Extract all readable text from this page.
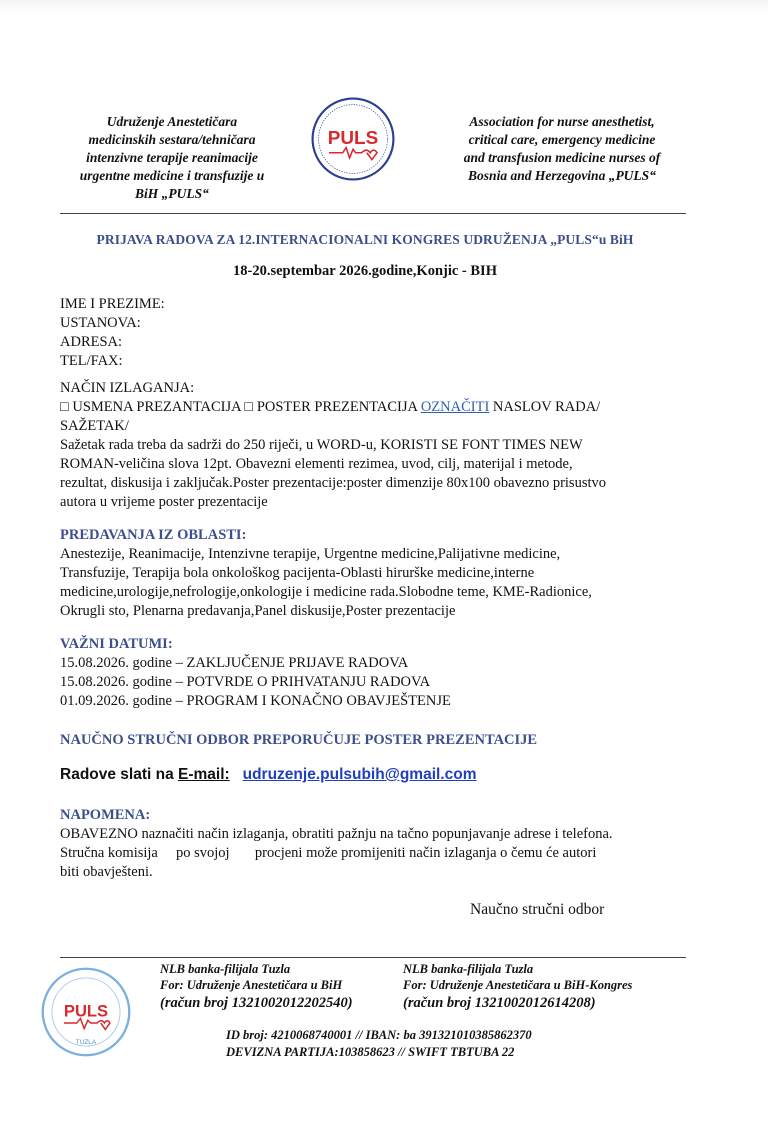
Udruženje Anestetičara
medicinskih sestara/tehničara
intenzivne terapije reanimacije
urgentne medicine i transfuzije u
BiH „PULS“
PULS
Association for nurse anesthetist,
critical care, emergency medicine
and transfusion medicine nurses of
Bosnia and Herzegovina „PULS“
PRIJAVA RADOVA ZA 12.INTERNACIONALNI KONGRES UDRUŽENJA „PULS“u BiH
18-20.septembar 2026.godine,Konjic - BIH
IME I PREZIME:
USTANOVA:
ADRESA:
TEL/FAX:
NAČIN IZLAGANJA:
□ USMENA PREZANTACIJA □ POSTER PREZENTACIJA OZNAČITI NASLOV RADA/
SAŽETAK/
Sažetak rada treba da sadrži do 250 riječi, u WORD-u, KORISTI SE FONT TIMES NEW
ROMAN-veličina slova 12pt. Obavezni elementi rezimea, uvod, cilj, materijal i metode,
rezultat, diskusija i zaključak.Poster prezentacije:poster dimenzije 80x100 obavezno prisustvo
autora u vrijeme poster prezentacije
PREDAVANJA IZ OBLASTI:
Anestezije, Reanimacije, Intenzivne terapije, Urgentne medicine,Palijativne medicine,
Transfuzije, Terapija bola onkološkog pacijenta-Oblasti hirurške medicine,interne
medicine,urologije,nefrologije,onkologije i medicine rada.Slobodne teme, KME-Radionice,
Okrugli sto, Plenarna predavanja,Panel diskusije,Poster prezentacije
VAŽNI DATUMI:
15.08.2026. godine – ZAKLJUČENJE PRIJAVE RADOVA
15.08.2026. godine – POTVRDE O PRIHVATANJU RADOVA
01.09.2026. godine – PROGRAM I KONAČNO OBAVJEŠTENJE
NAUČNO STRUČNI ODBOR PREPORUČUJE POSTER PREZENTACIJE
Radove slati na E-mail: udruzenje.pulsubih@gmail.com
NAPOMENA:
OBAVEZNO naznačiti način izlaganja, obratiti pažnju na tačno popunjavanje adrese i telefona.
Stručna komisija     po svojoj       procjeni može promijeniti način izlaganja o čemu će autori
biti obavješteni.
Naučno stručni odbor
PULS
TUZLA
NLB banka-filijala Tuzla
For: Udruženje Anestetičara u BiH
(račun broj 1321002012202540)
NLB banka-filijala Tuzla
For: Udruženje Anestetičara u BiH-Kongres
(račun broj 1321002012614208)
ID broj: 4210068740001 // IBAN: ba 391321010385862370
DEVIZNA PARTIJA:103858623 // SWIFT TBTUBA 22
